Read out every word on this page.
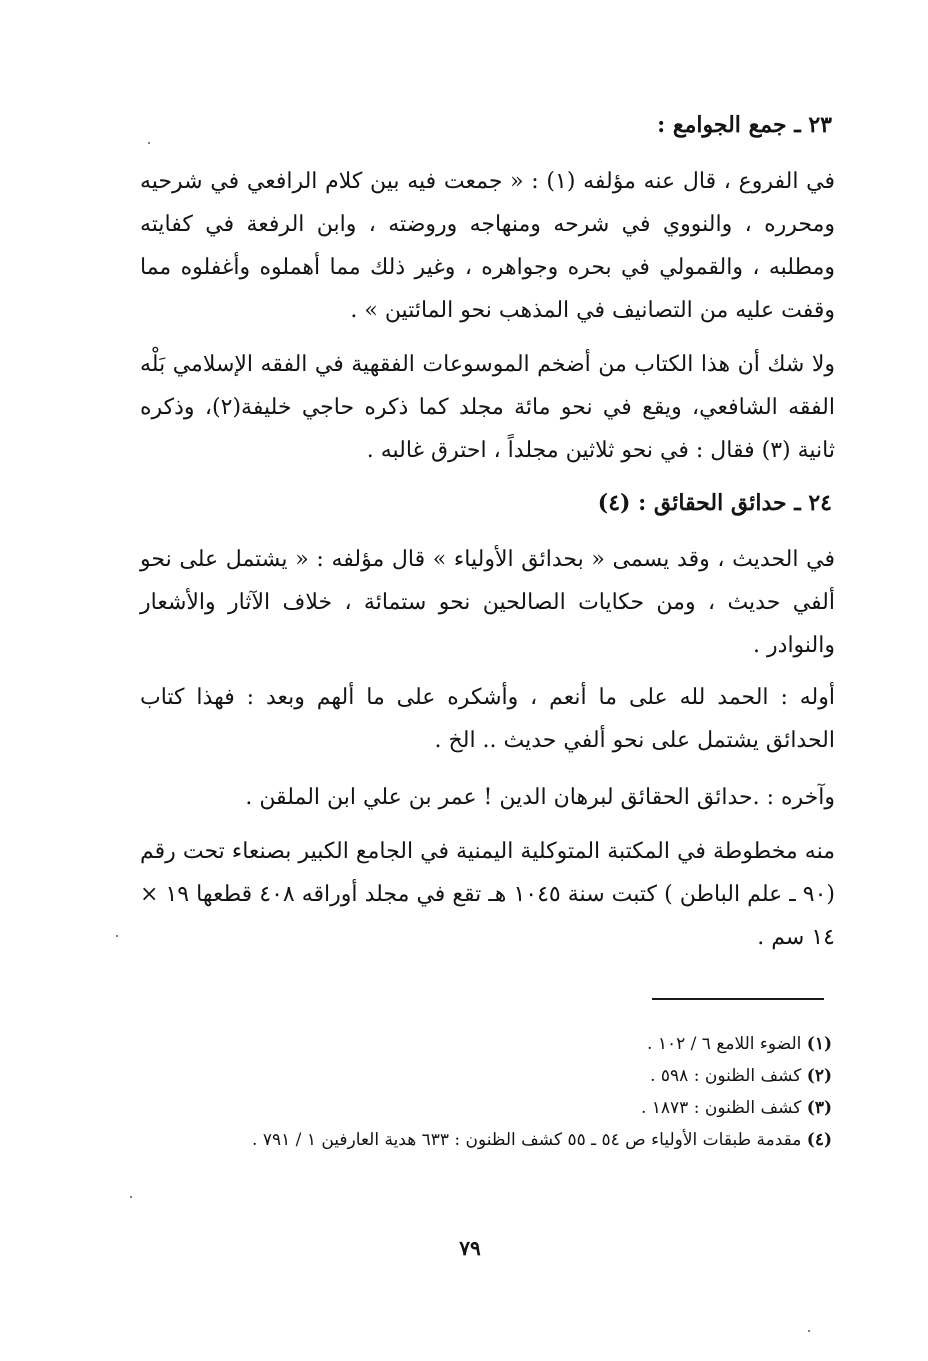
٢٣ ـ جمع الجوامع :
في الفروع ، قال عنه مؤلفه (١) : « جمعت فيه بين كلام الرافعي في شرحيه ومحرره ، والنووي في شرحه ومنهاجه وروضته ، وابن الرفعة في كفايته ومطلبه ، والقمولي في بحره وجواهره ، وغير ذلك مما أهملوه وأغفلوه مما وقفت عليه من التصانيف في المذهب نحو المائتين » .
ولا شك أن هذا الكتاب من أضخم الموسوعات الفقهية في الفقه الإسلامي بَلْه الفقه الشافعي، ويقع في نحو مائة مجلد كما ذكره حاجي خليفة(٢)، وذكره ثانية (٣) فقال : في نحو ثلاثين مجلداً ، احترق غالبه .
٢٤ ـ حدائق الحقائق : (٤)
في الحديث ، وقد يسمى « بحدائق الأولياء » قال مؤلفه : « يشتمل على نحو ألفي حديث ، ومن حكايات الصالحين نحو ستمائة ، خلاف الآثار والأشعار والنوادر .
أوله : الحمد لله على ما أنعم ، وأشكره على ما ألهم وبعد : فهذا كتاب الحدائق يشتمل على نحو ألفي حديث .. الخ .
وآخره : .حدائق الحقائق لبرهان الدين ! عمر بن علي ابن الملقن .
منه مخطوطة في المكتبة المتوكلية اليمنية في الجامع الكبير بصنعاء تحت رقم (٩٠ ـ علم الباطن ) كتبت سنة ١٠٤٥ هـ تقع في مجلد أوراقه ٤٠٨ قطعها ١٩ × ١٤ سم .
(١) الضوء اللامع ٦ / ١٠٢ .
(٢) كشف الظنون : ٥٩٨ .
(٣) كشف الظنون : ١٨٧٣ .
(٤) مقدمة طبقات الأولياء ص ٥٤ ـ ٥٥ كشف الظنون : ٦٣٣ هدية العارفين ١ / ٧٩١ .
٧٩
